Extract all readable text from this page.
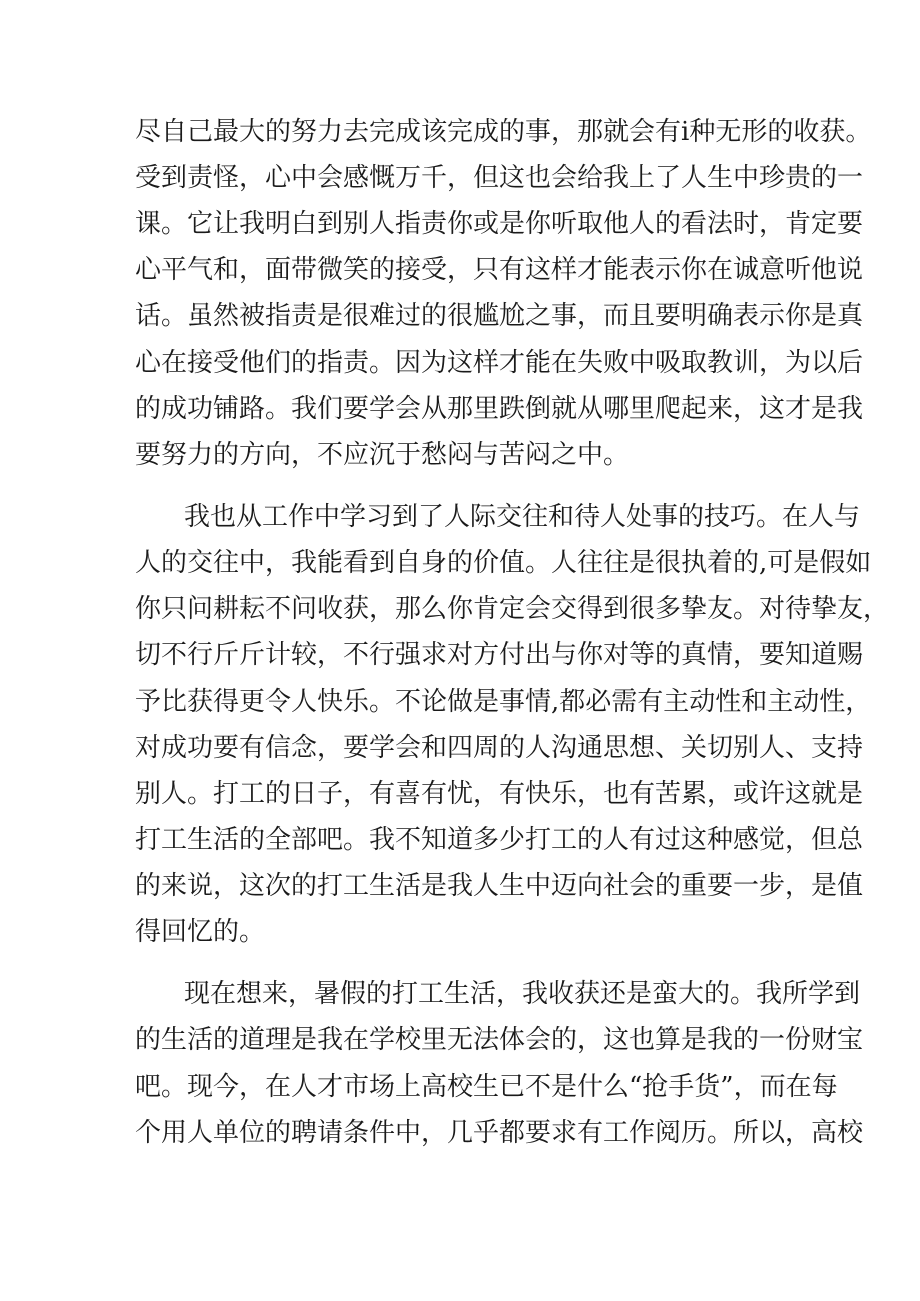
尽自己最大的努力去完成该完成的事，那就会有i种无形的收获。
受到责怪，心中会感慨万千，但这也会给我上了人生中珍贵的一
课。它让我明白到别人指责你或是你听取他人的看法时，肯定要
心平气和，面带微笑的接受，只有这样才能表示你在诚意听他说
话。虽然被指责是很难过的很尴尬之事，而且要明确表示你是真
心在接受他们的指责。因为这样才能在失败中吸取教训，为以后
的成功铺路。我们要学会从那里跌倒就从哪里爬起来，这才是我
要努力的方向，不应沉于愁闷与苦闷之中。
我也从工作中学习到了人际交往和待人处事的技巧。在人与
人的交往中，我能看到自身的价值。人往往是很执着的,可是假如
你只问耕耘不问收获，那么你肯定会交得到很多挚友。对待挚友，
切不行斤斤计较，不行强求对方付出与你对等的真情，要知道赐
予比获得更令人快乐。不论做是事情,都必需有主动性和主动性，
对成功要有信念，要学会和四周的人沟通思想、关切别人、支持
别人。打工的日子，有喜有忧，有快乐，也有苦累，或许这就是
打工生活的全部吧。我不知道多少打工的人有过这种感觉，但总
的来说，这次的打工生活是我人生中迈向社会的重要一步，是值
得回忆的。
现在想来，暑假的打工生活，我收获还是蛮大的。我所学到
的生活的道理是我在学校里无法体会的，这也算是我的一份财宝
吧。现今，在人才市场上高校生已不是什么“抢手货”，而在每
个用人单位的聘请条件中，几乎都要求有工作阅历。所以，高校
